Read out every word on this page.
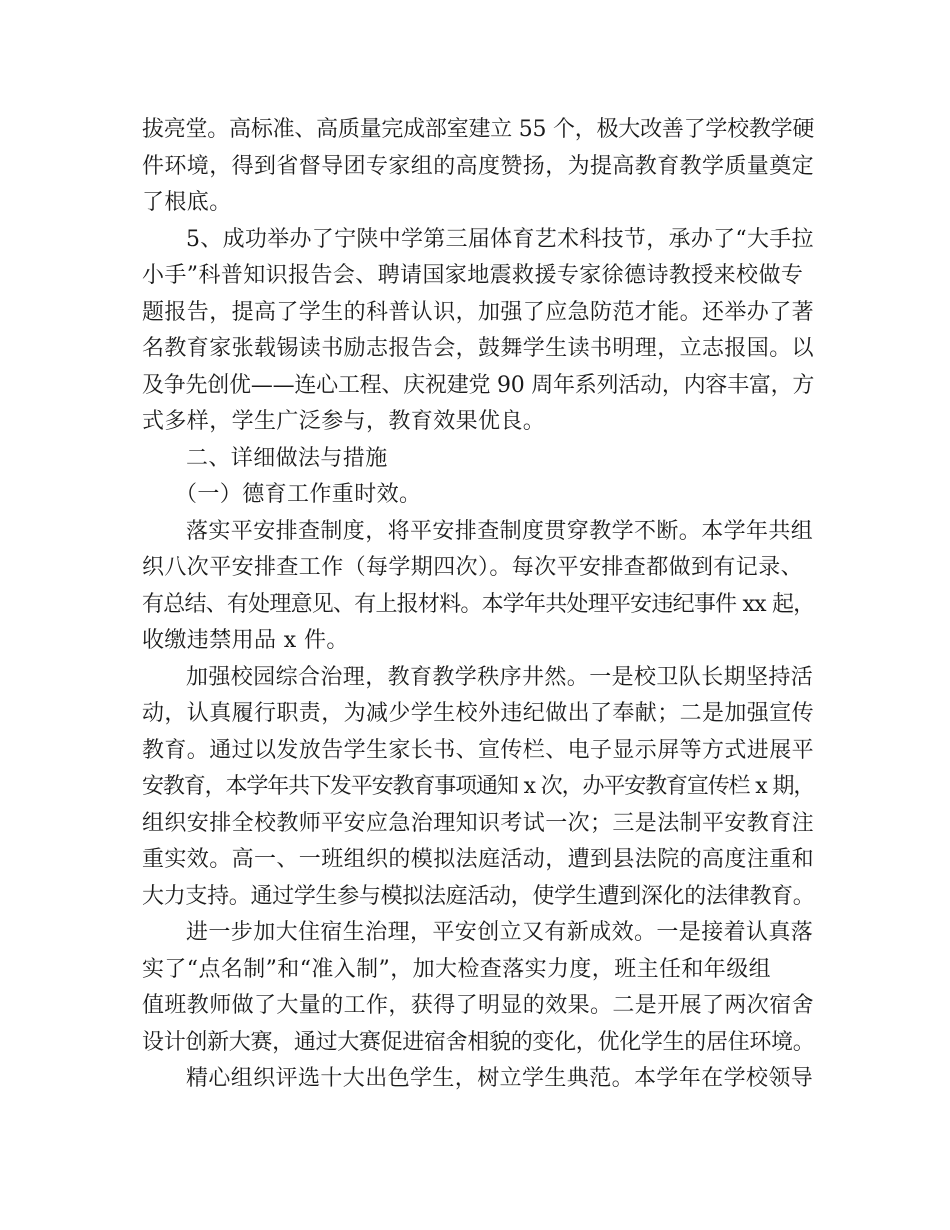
拔亮堂。高标准、高质量完成部室建立 55 个，极大改善了学校教学硬
件环境，得到省督导团专家组的高度赞扬，为提高教育教学质量奠定
了根底。

5、成功举办了宁陕中学第三届体育艺术科技节，承办了“大手拉
小手”科普知识报告会、聘请国家地震救援专家徐德诗教授来校做专
题报告，提高了学生的科普认识，加强了应急防范才能。还举办了著
名教育家张载锡读书励志报告会，鼓舞学生读书明理，立志报国。以
及争先创优——连心工程、庆祝建党 90 周年系列活动，内容丰富，方
式多样，学生广泛参与，教育效果优良。

二、详细做法与措施

（一）德育工作重时效。

落实平安排查制度，将平安排查制度贯穿教学不断。本学年共组
织八次平安排查工作（每学期四次）。每次平安排查都做到有记录、
有总结、有处理意见、有上报材料。本学年共处理平安违纪事件 xx 起，
收缴违禁用品 x 件。

加强校园综合治理，教育教学秩序井然。一是校卫队长期坚持活
动，认真履行职责，为减少学生校外违纪做出了奉献；二是加强宣传
教育。通过以发放告学生家长书、宣传栏、电子显示屏等方式进展平
安教育，本学年共下发平安教育事项通知 x 次，办平安教育宣传栏 x 期，
组织安排全校教师平安应急治理知识考试一次；三是法制平安教育注
重实效。高一、一班组织的模拟法庭活动，遭到县法院的高度注重和
大力支持。通过学生参与模拟法庭活动，使学生遭到深化的法律教育。

进一步加大住宿生治理，平安创立又有新成效。一是接着认真落
实了“点名制”和“准入制”，加大检查落实力度，班主任和年级组
值班教师做了大量的工作，获得了明显的效果。二是开展了两次宿舍
设计创新大赛，通过大赛促进宿舍相貌的变化，优化学生的居住环境。

精心组织评选十大出色学生，树立学生典范。本学年在学校领导
